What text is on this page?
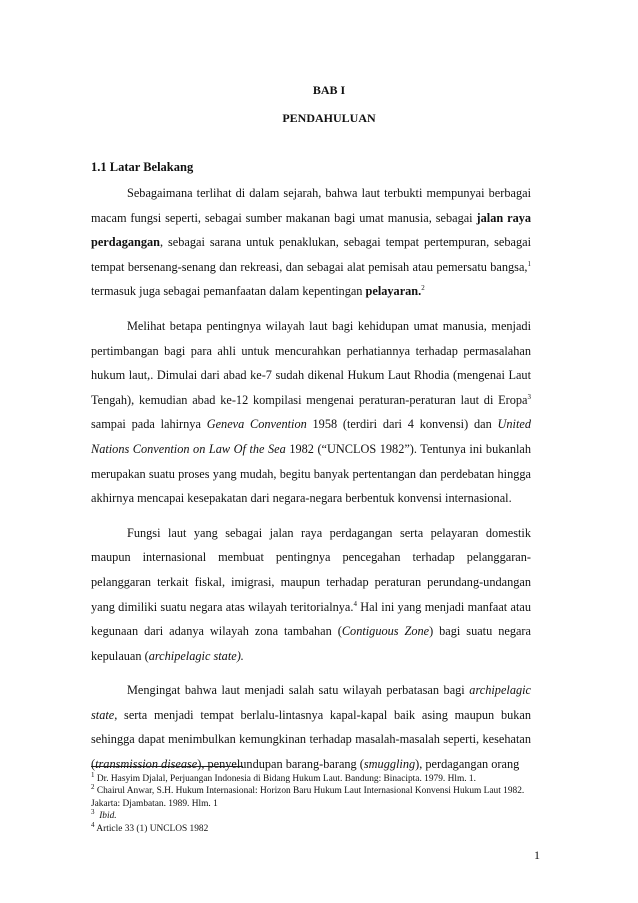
BAB I
PENDAHULUAN
1.1 Latar Belakang

Sebagaimana terlihat di dalam sejarah, bahwa laut terbukti mempunyai berbagai macam fungsi seperti, sebagai sumber makanan bagi umat manusia, sebagai jalan raya perdagangan, sebagai sarana untuk penaklukan, sebagai tempat pertempuran, sebagai tempat bersenang-senang dan rekreasi, dan sebagai alat pemisah atau pemersatu bangsa,$^1$ termasuk juga sebagai pemanfaatan dalam kepentingan pelayaran.$^2$

Melihat betapa pentingnya wilayah laut bagi kehidupan umat manusia, menjadi pertimbangan bagi para ahli untuk mencurahkan perhatiannya terhadap permasalahan hukum laut,. Dimulai dari abad ke-7 sudah dikenal Hukum Laut Rhodia (mengenai Laut Tengah), kemudian abad ke-12 kompilasi mengenai peraturan-peraturan laut di Eropa$^3$ sampai pada lahirnya Geneva Convention 1958 (terdiri dari 4 konvensi) dan United Nations Convention on Law Of the Sea 1982 (“UNCLOS 1982”). Tentunya ini bukanlah merupakan suatu proses yang mudah, begitu banyak pertentangan dan perdebatan hingga akhirnya mencapai kesepakatan dari negara-negara berbentuk konvensi internasional.

Fungsi laut yang sebagai jalan raya perdagangan serta pelayaran domestik maupun internasional membuat pentingnya pencegahan terhadap pelanggaran-pelanggaran terkait fiskal, imigrasi, maupun terhadap peraturan perundang-undangan yang dimiliki suatu negara atas wilayah teritorialnya.$^4$ Hal ini yang menjadi manfaat atau kegunaan dari adanya wilayah zona tambahan (Contiguous Zone) bagi suatu negara kepulauan (archipelagic state).

Mengingat bahwa laut menjadi salah satu wilayah perbatasan bagi archipelagic state, serta menjadi tempat berlalu-lintasnya kapal-kapal baik asing maupun bukan sehingga dapat menimbulkan kemungkinan terhadap masalah-masalah seperti, kesehatan (transmission disease), penyelundupan barang-barang (smuggling), perdagangan orang

$^1$ Dr. Hasyim Djalal, Perjuangan Indonesia di Bidang Hukum Laut. Bandung: Binacipta. 1979. Hlm. 1.

$^2$ Chairul Anwar, S.H. Hukum Internasional: Horizon Baru Hukum Laut Internasional Konvensi Hukum Laut 1982. Jakarta: Djambatan. 1989. Hlm. 1

$^3$ Ibid.

$^4$ Article 33 (1) UNCLOS 1982

1
